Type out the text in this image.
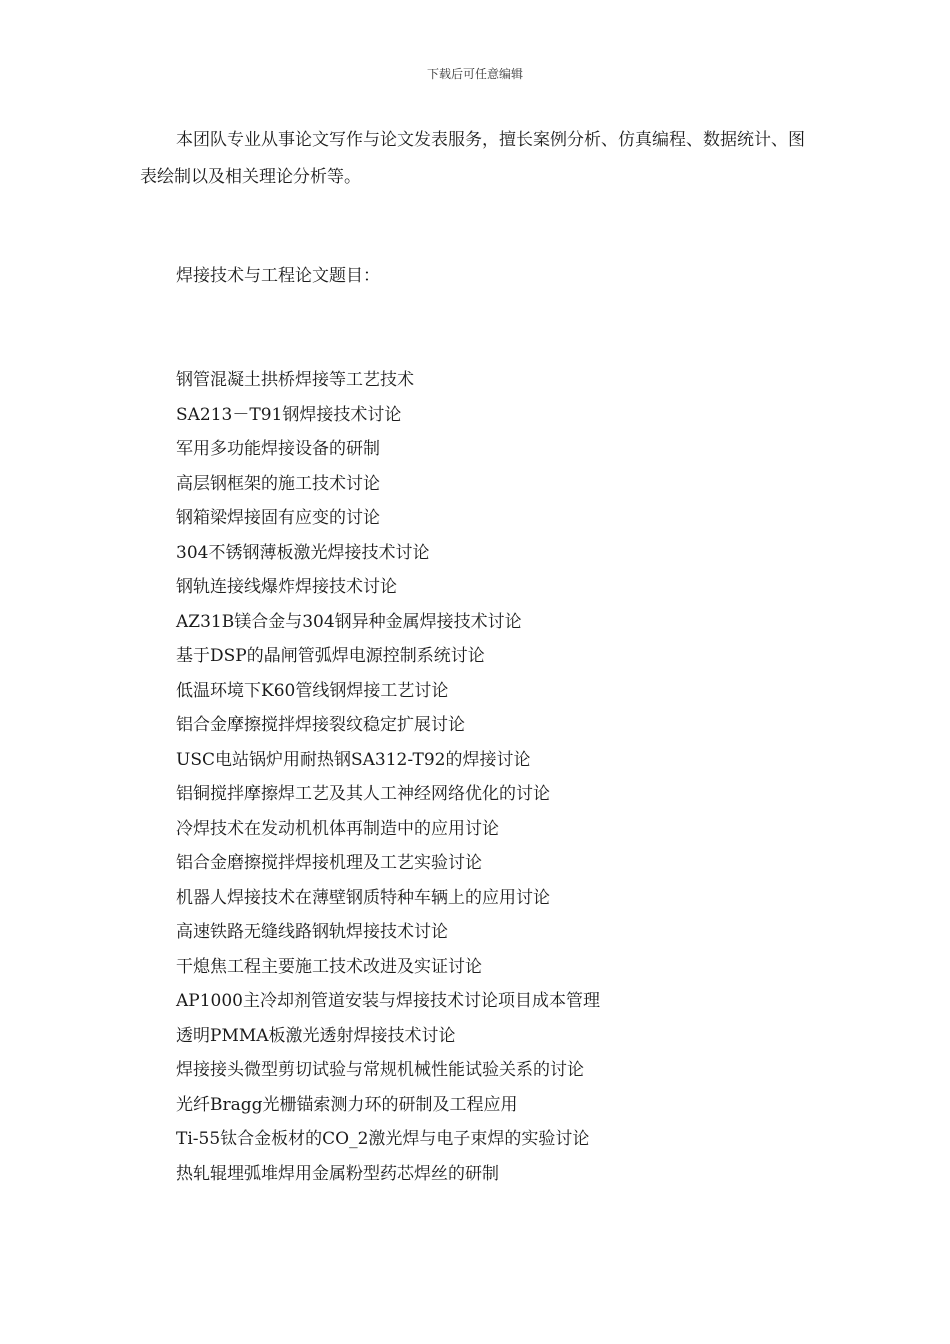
下载后可任意编辑

本团队专业从事论文写作与论文发表服务，擅长案例分析、仿真编程、数据统计、图表绘制以及相关理论分析等。

焊接技术与工程论文题目：
钢管混凝土拱桥焊接等工艺技术
SA213－T91钢焊接技术讨论
军用多功能焊接设备的研制
高层钢框架的施工技术讨论
钢箱梁焊接固有应变的讨论
304不锈钢薄板激光焊接技术讨论
钢轨连接线爆炸焊接技术讨论
AZ31B镁合金与304钢异种金属焊接技术讨论
基于DSP的晶闸管弧焊电源控制系统讨论
低温环境下K60管线钢焊接工艺讨论
铝合金摩擦搅拌焊接裂纹稳定扩展讨论
USC电站锅炉用耐热钢SA312-T92的焊接讨论
铝铜搅拌摩擦焊工艺及其人工神经网络优化的讨论
冷焊技术在发动机机体再制造中的应用讨论
铝合金磨擦搅拌焊接机理及工艺实验讨论
机器人焊接技术在薄壁钢质特种车辆上的应用讨论
高速铁路无缝线路钢轨焊接技术讨论
干熄焦工程主要施工技术改进及实证讨论
AP1000主冷却剂管道安装与焊接技术讨论项目成本管理
透明PMMA板激光透射焊接技术讨论
焊接接头微型剪切试验与常规机械性能试验关系的讨论
光纤Bragg光栅锚索测力环的研制及工程应用
Ti-55钛合金板材的CO_2激光焊与电子束焊的实验讨论
热轧辊埋弧堆焊用金属粉型药芯焊丝的研制
